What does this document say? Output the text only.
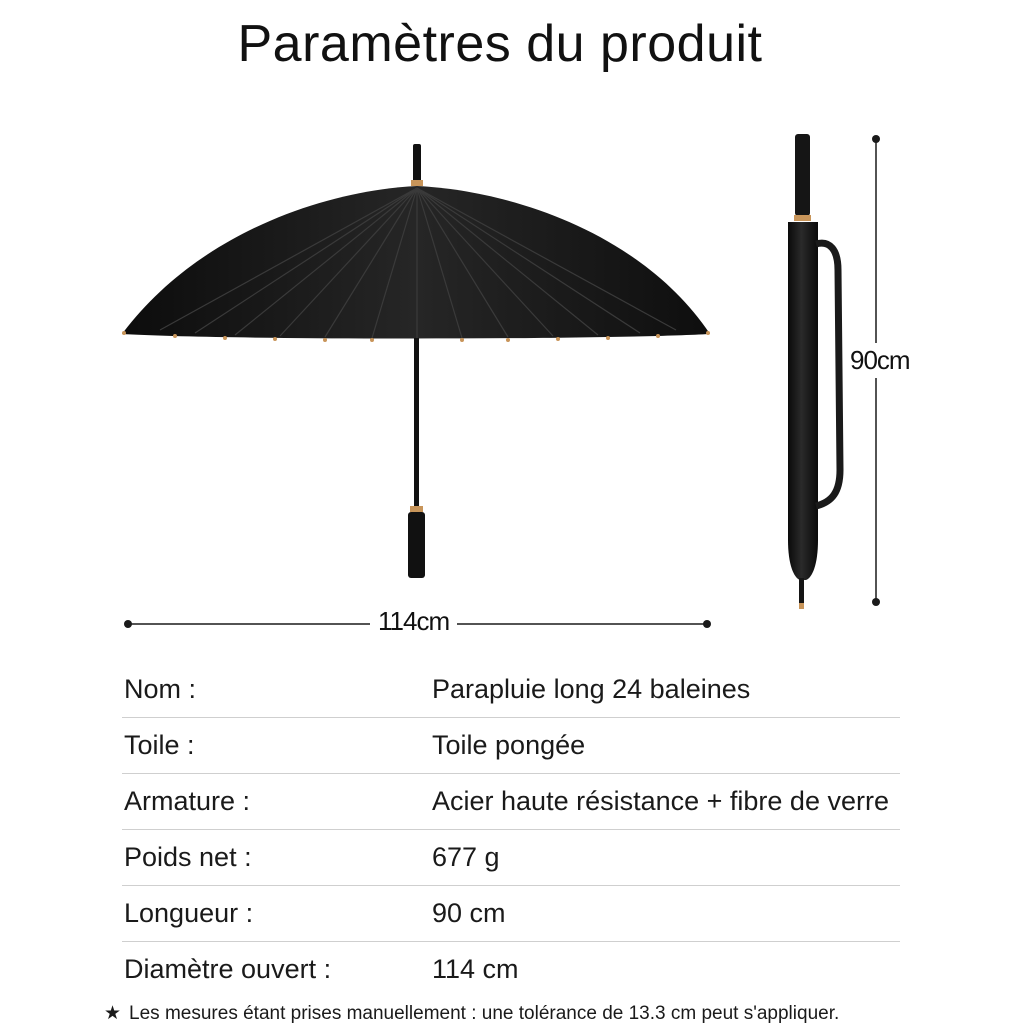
Paramètres du produit
114cm
90cm
Nom :	Parapluie long 24 baleines
Toile :	Toile pongée
Armature :	Acier haute résistance + fibre de verre
Poids net :	677 g
Longueur :	90 cm
Diamètre ouvert :	114 cm
★ Les mesures étant prises manuellement : une tolérance de 13.3 cm peut s'appliquer.
